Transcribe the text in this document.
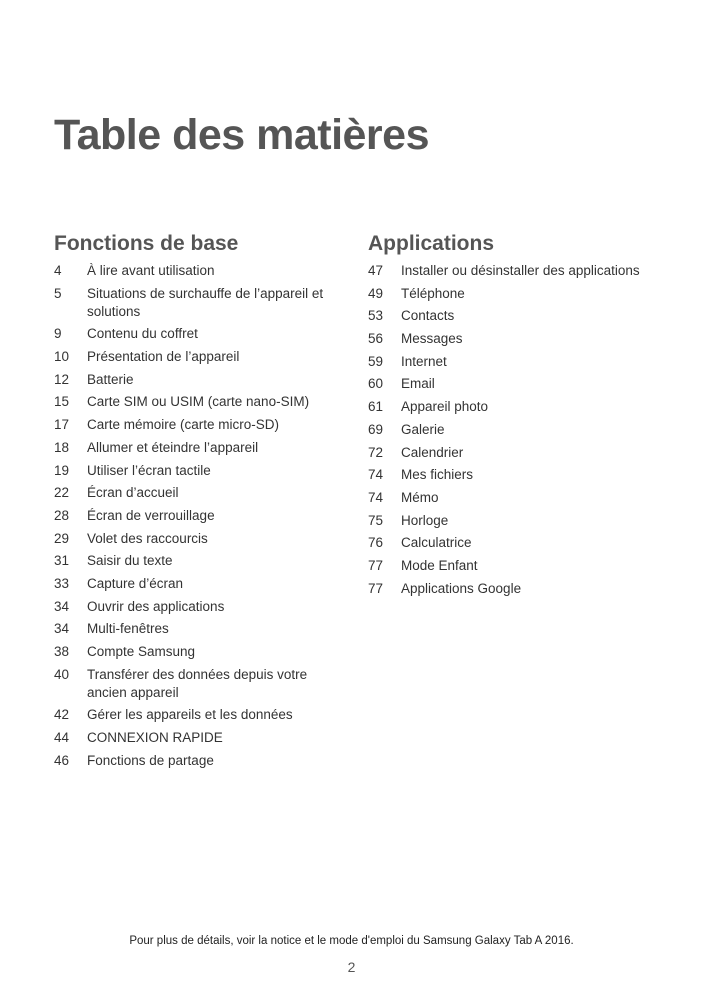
Table des matières
Fonctions de base
4	À lire avant utilisation
5	Situations de surchauffe de l’appareil et solutions
9	Contenu du coffret
10	Présentation de l’appareil
12	Batterie
15	Carte SIM ou USIM (carte nano-SIM)
17	Carte mémoire (carte micro-SD)
18	Allumer et éteindre l’appareil
19	Utiliser l’écran tactile
22	Écran d’accueil
28	Écran de verrouillage
29	Volet des raccourcis
31	Saisir du texte
33	Capture d’écran
34	Ouvrir des applications
34	Multi-fenêtres
38	Compte Samsung
40	Transférer des données depuis votre ancien appareil
42	Gérer les appareils et les données
44	CONNEXION RAPIDE
46	Fonctions de partage
Applications
47	Installer ou désinstaller des applications
49	Téléphone
53	Contacts
56	Messages
59	Internet
60	Email
61	Appareil photo
69	Galerie
72	Calendrier
74	Mes fichiers
74	Mémo
75	Horloge
76	Calculatrice
77	Mode Enfant
77	Applications Google
Pour plus de détails, voir la notice et le mode d'emploi du Samsung Galaxy Tab A 2016.
2
